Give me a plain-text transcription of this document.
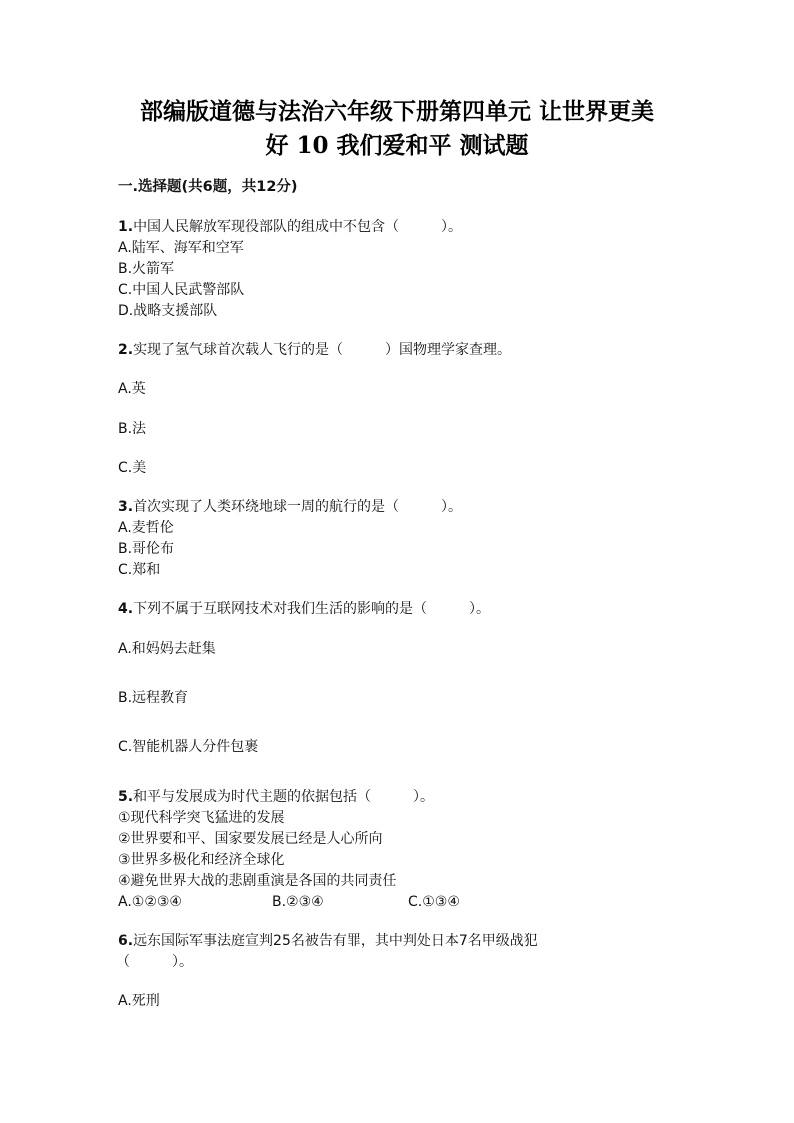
部编版道德与法治六年级下册第四单元 让世界更美
好 10 我们爱和平 测试题
一.选择题(共6题，共12分)
1.中国人民解放军现役部队的组成中不包含（　　　）。
A.陆军、海军和空军
B.火箭军
C.中国人民武警部队
D.战略支援部队
2.实现了氢气球首次载人飞行的是（　　　）国物理学家查理。
A.英
B.法
C.美
3.首次实现了人类环绕地球一周的航行的是（　　　）。
A.麦哲伦
B.哥伦布
C.郑和
4.下列不属于互联网技术对我们生活的影响的是（　　　）。
A.和妈妈去赶集
B.远程教育
C.智能机器人分件包裹
5.和平与发展成为时代主题的依据包括（　　　）。
①现代科学突飞猛进的发展
②世界要和平、国家要发展已经是人心所向
③世界多极化和经济全球化
④避免世界大战的悲剧重演是各国的共同责任
A.①②③④	B.②③④	C.①③④
6.远东国际军事法庭宣判25名被告有罪，其中判处日本7名甲级战犯
（　　　）。
A.死刑
